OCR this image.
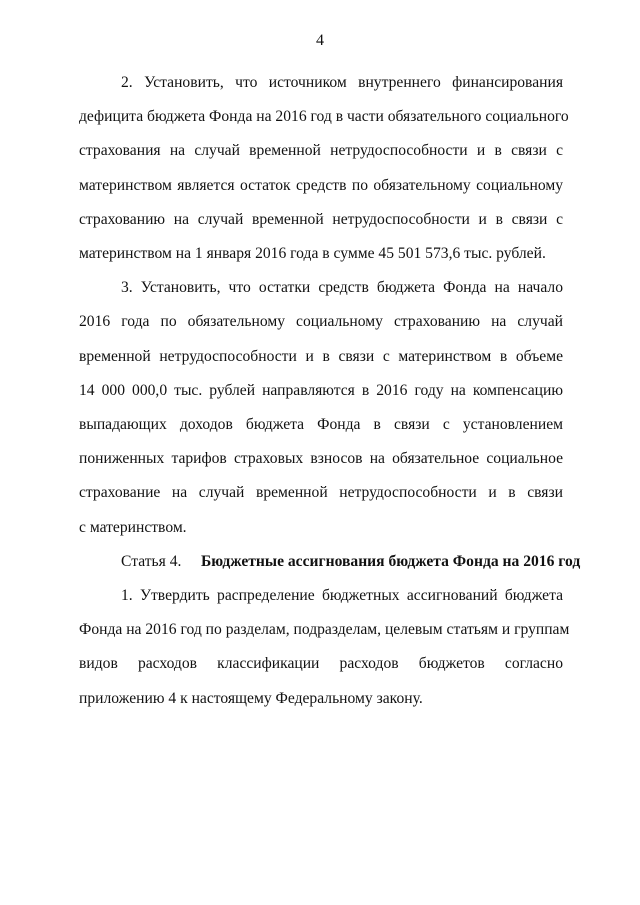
4
2. Установить, что источником внутреннего финансирования
дефицита бюджета Фонда на 2016 год в части обязательного социального
страхования на случай временной нетрудоспособности и в связи с
материнством является остаток средств по обязательному социальному
страхованию на случай временной нетрудоспособности и в связи с
материнством на 1 января 2016 года в сумме 45 501 573,6 тыс. рублей.
3. Установить, что остатки средств бюджета Фонда на начало
2016 года по обязательному социальному страхованию на случай
временной нетрудоспособности и в связи с материнством в объеме
14 000 000,0 тыс. рублей направляются в 2016 году на компенсацию
выпадающих доходов бюджета Фонда в связи с установлением
пониженных тарифов страховых взносов на обязательное социальное
страхование на случай временной нетрудоспособности и в связи
с материнством.
Статья 4. Бюджетные ассигнования бюджета Фонда на 2016 год
1. Утвердить распределение бюджетных ассигнований бюджета
Фонда на 2016 год по разделам, подразделам, целевым статьям и группам
видов расходов классификации расходов бюджетов согласно
приложению 4 к настоящему Федеральному закону.
